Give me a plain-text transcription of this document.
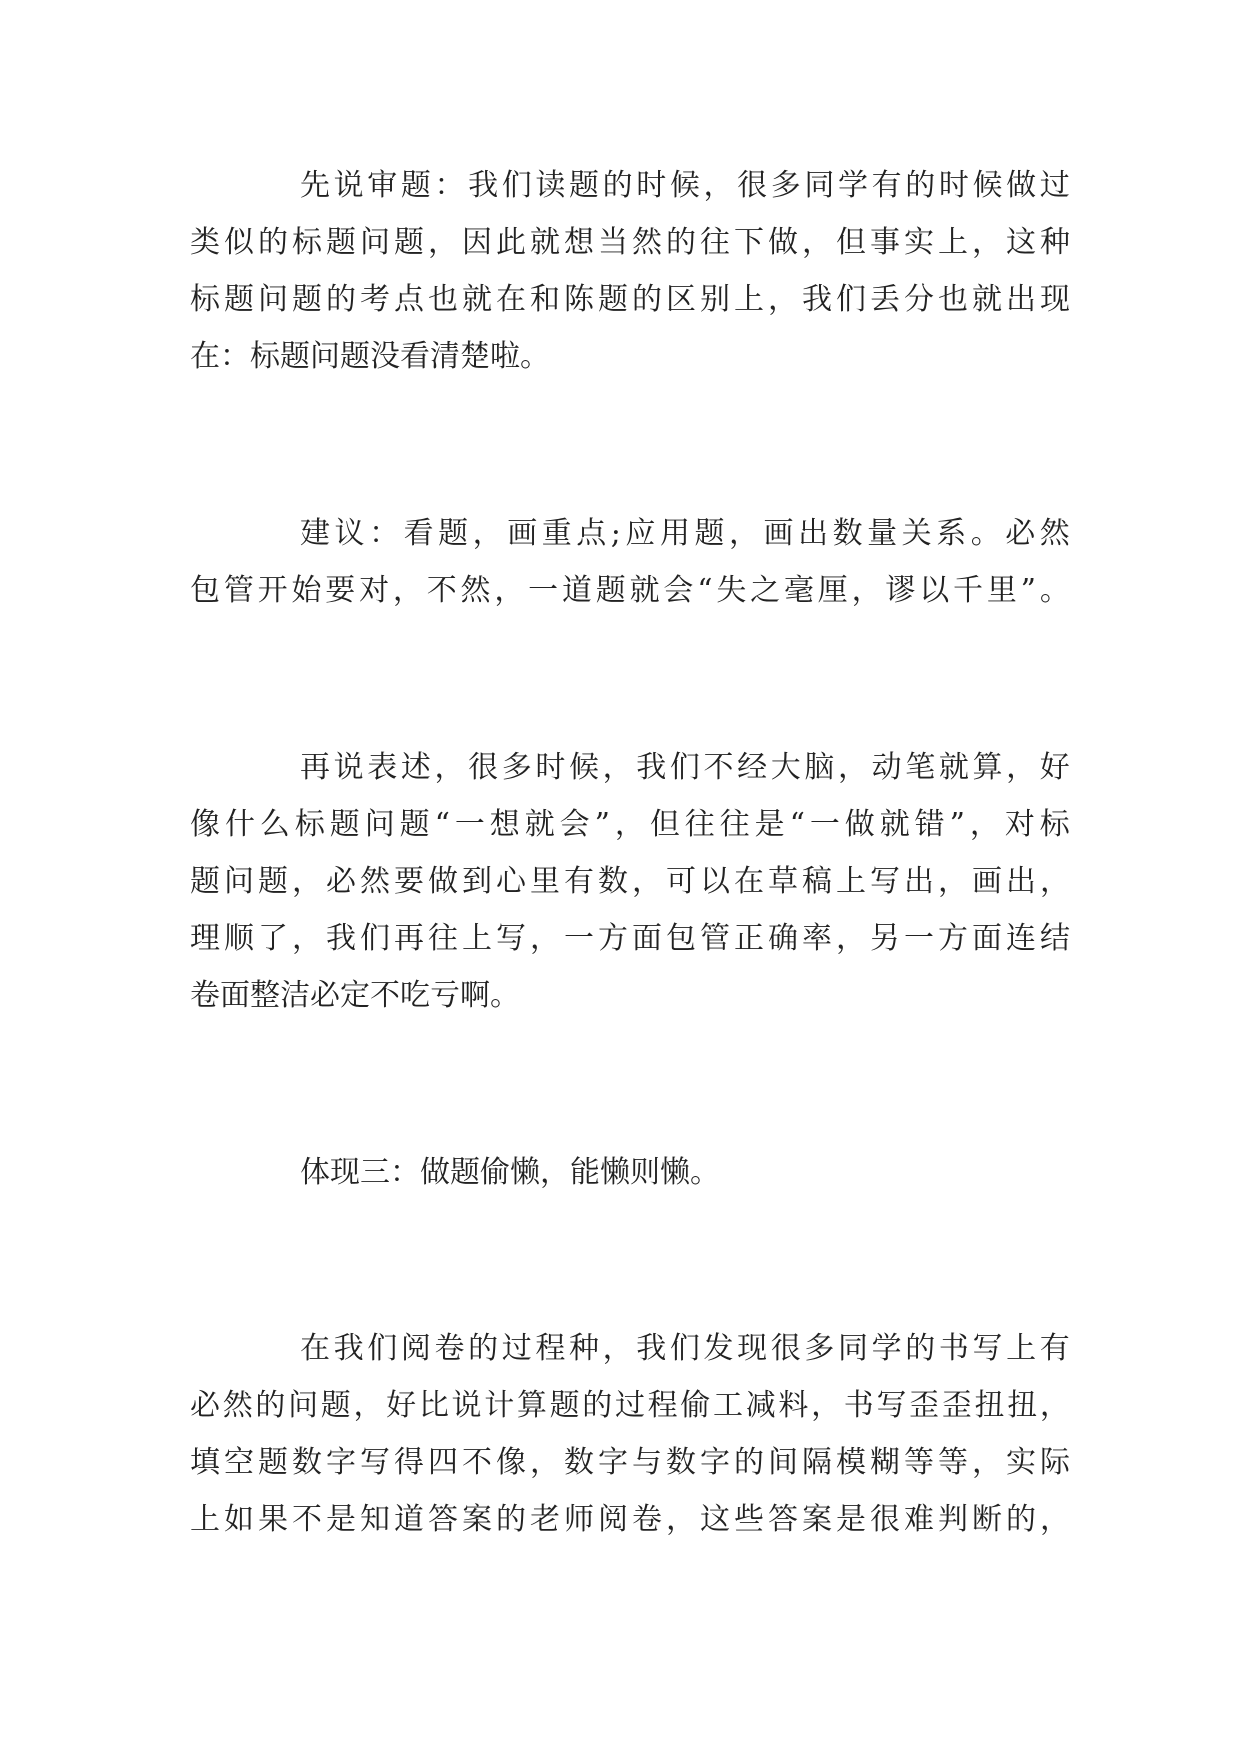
先 说 审 题 ： 我 们 读 题 的 时 候 ， 很 多 同 学 有 的 时 候 做 过
类 似 的 标 题 问 题 ， 因 此 就 想 当 然 的 往 下 做 ， 但 事 实 上 ， 这 种
标 题 问 题 的 考 点 也 就 在 和 陈 题 的 区 别 上 ， 我 们 丢 分 也 就 出 现
在：标题问题没看清楚啦。
建 议 ： 看 题 ， 画 重 点 ; 应 用 题 ， 画 出 数 量 关 系 。 必 然
包 管 开 始 要 对 ， 不 然 ， 一 道 题 就 会 “ 失 之 毫 厘 ， 谬 以 千 里 ” 。
再 说 表 述 ， 很 多 时 候 ， 我 们 不 经 大 脑 ， 动 笔 就 算 ， 好
像 什 么 标 题 问 题 “ 一 想 就 会 ” ， 但 往 往 是 “ 一 做 就 错 ” ， 对 标
题 问 题 ， 必 然 要 做 到 心 里 有 数 ， 可 以 在 草 稿 上 写 出 ， 画 出 ，
理 顺 了 ， 我 们 再 往 上 写 ， 一 方 面 包 管 正 确 率 ， 另 一 方 面 连 结
卷面整洁必定不吃亏啊。
体现三：做题偷懒，能懒则懒。
在 我 们 阅 卷 的 过 程 种 ， 我 们 发 现 很 多 同 学 的 书 写 上 有
必 然 的 问 题 ， 好 比 说 计 算 题 的 过 程 偷 工 减 料 ， 书 写 歪 歪 扭 扭 ，
填 空 题 数 字 写 得 四 不 像 ， 数 字 与 数 字 的 间 隔 模 糊 等 等 ， 实 际
上 如 果 不 是 知 道 答 案 的 老 师 阅 卷 ， 这 些 答 案 是 很 难 判 断 的 ，
